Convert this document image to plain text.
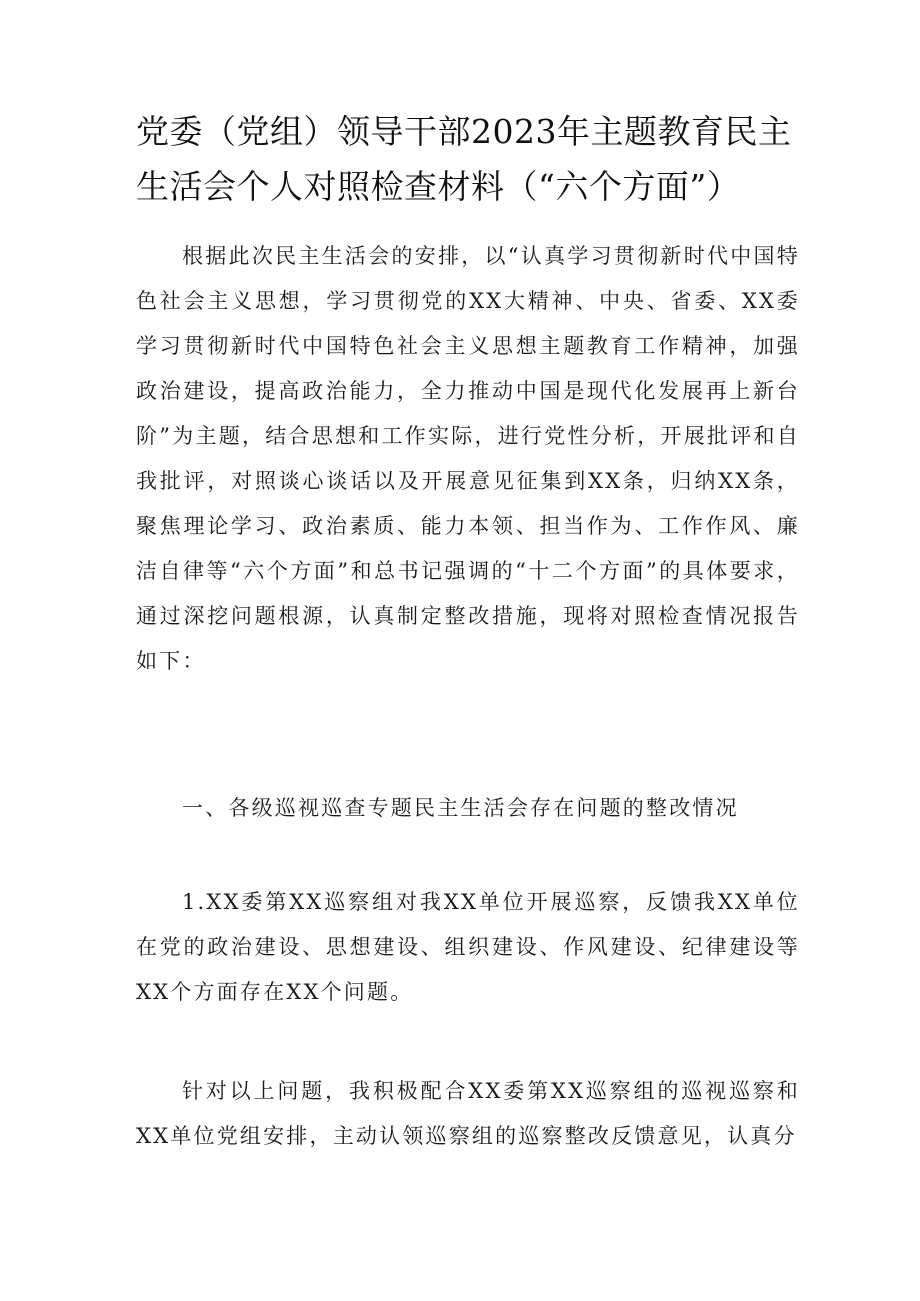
党委（党组）领导干部2023年主题教育民主生活会个人对照检查材料（“六个方面”）

根据此次民主生活会的安排，以“认真学习贯彻新时代中国特色社会主义思想，学习贯彻党的XX大精神、中央、省委、XX委学习贯彻新时代中国特色社会主义思想主题教育工作精神，加强政治建设，提高政治能力，全力推动中国是现代化发展再上新台阶”为主题，结合思想和工作实际，进行党性分析，开展批评和自我批评，对照谈心谈话以及开展意见征集到XX条，归纳XX条，聚焦理论学习、政治素质、能力本领、担当作为、工作作风、廉洁自律等“六个方面”和总书记强调的“十二个方面”的具体要求，通过深挖问题根源，认真制定整改措施，现将对照检查情况报告如下：

一、各级巡视巡查专题民主生活会存在问题的整改情况

1.XX委第XX巡察组对我XX单位开展巡察，反馈我XX单位在党的政治建设、思想建设、组织建设、作风建设、纪律建设等XX个方面存在XX个问题。

针对以上问题，我积极配合XX委第XX巡察组的巡视巡察和XX单位党组安排，主动认领巡察组的巡察整改反馈意见，认真分
